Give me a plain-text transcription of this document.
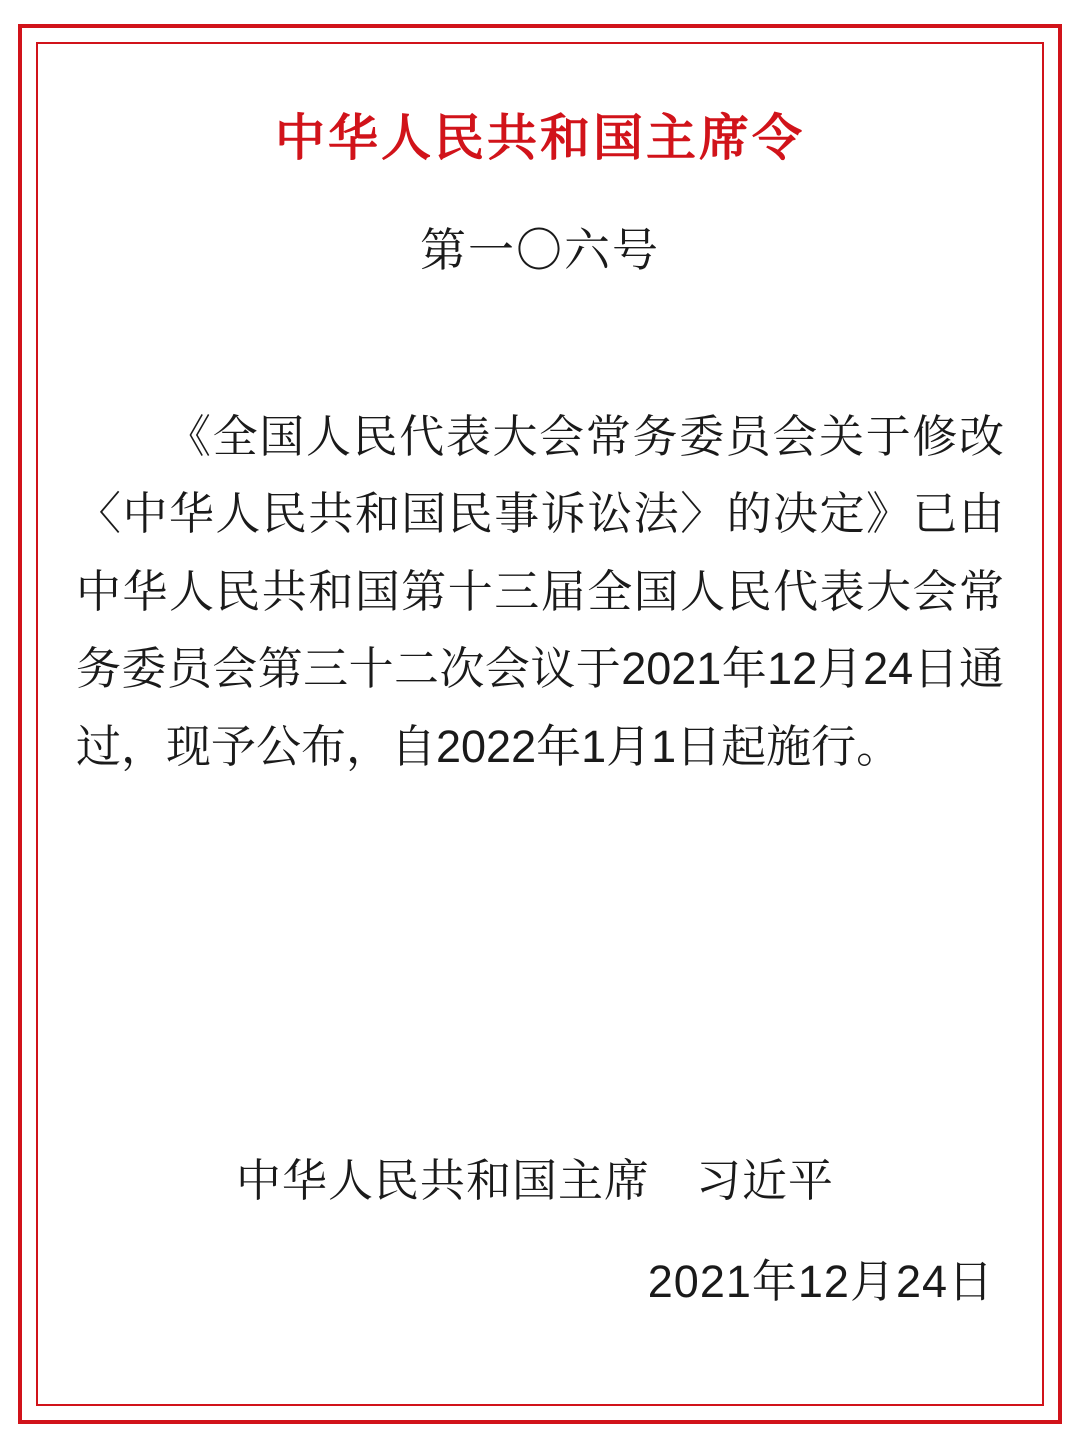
中华人民共和国主席令
第一〇六号
《全国人民代表大会常务委员会关于修改〈中华人民共和国民事诉讼法〉的决定》已由中华人民共和国第十三届全国人民代表大会常务委员会第三十二次会议于2021年12月24日通过，现予公布，自2022年1月1日起施行。
中华人民共和国主席 习近平
2021年12月24日
